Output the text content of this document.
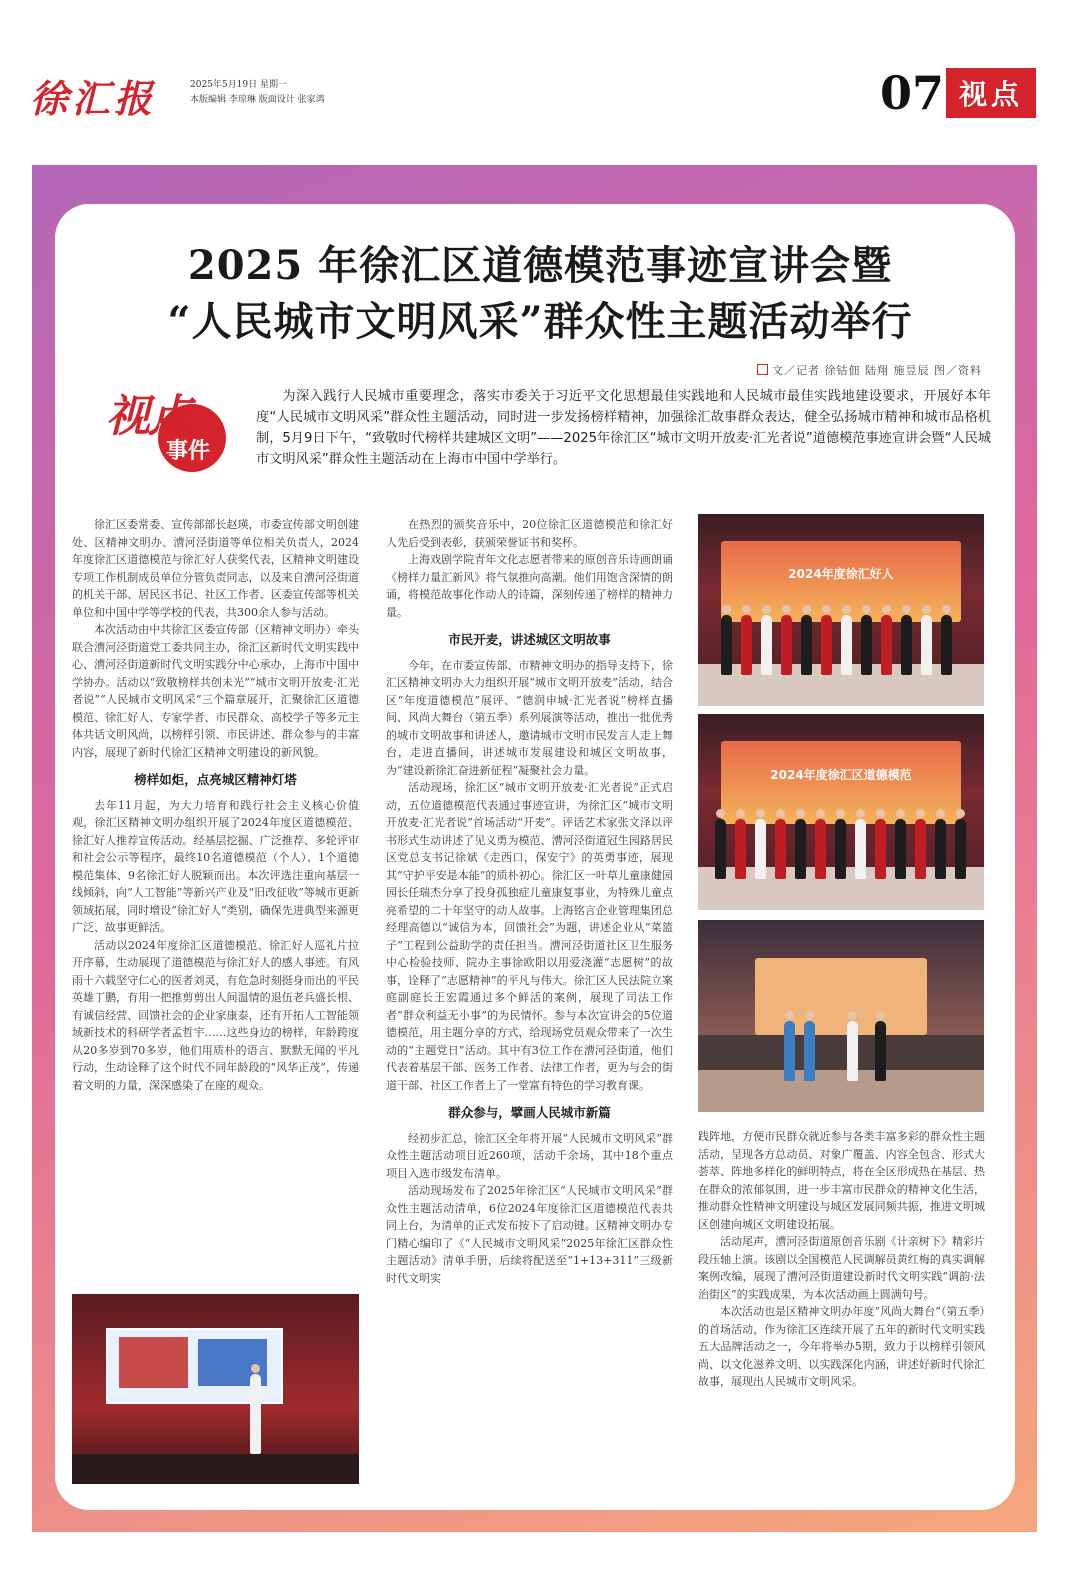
徐汇报	2025年5月19日 星期一
本版编辑 李琼琳 版面设计 张家鸿	07 视点
2025 年徐汇区道德模范事迹宣讲会暨
“人民城市文明风采”群众性主题活动举行
文／记者 徐钴佃 陆翔 施昱辰 图／资料
视点
事件
为深入践行人民城市重要理念，落实市委关于习近平文化思想最佳实践地和人民城市最佳实践地建设要求，开展好本年度“人民城市文明风采”群众性主题活动，同时进一步发扬榜样精神，加强徐汇故事群众表达，健全弘扬城市精神和城市品格机制，5月9日下午，“致敬时代榜样共建城区文明”——2025年徐汇区“城市文明开放麦·汇光者说”道德模范事迹宣讲会暨“人民城市文明风采”群众性主题活动在上海市中国中学举行。

徐汇区委常委、宣传部部长赵瑛，市委宣传部文明创建处、区精神文明办、漕河泾街道等单位相关负责人，2024年度徐汇区道德模范与徐汇好人获奖代表，区精神文明建设专项工作机制成员单位分管负责同志，以及来自漕河泾街道的机关干部、居民区书记、社区工作者、区委宣传部等机关单位和中国中学等学校的代表，共300余人参与活动。

本次活动由中共徐汇区委宣传部（区精神文明办）牵头联合漕河泾街道党工委共同主办，徐汇区新时代文明实践中心、漕河泾街道新时代文明实践分中心承办，上海市中国中学协办。活动以“致敬榜样共创未光”“城市文明开放麦·汇光者说”“人民城市文明风采”三个篇章展开，汇聚徐汇区道德模范、徐汇好人、专家学者、市民群众、高校学子等多元主体共话文明风尚，以榜样引领、市民讲述、群众参与的丰富内容，展现了新时代徐汇区精神文明建设的新风貌。

榜样如炬，点亮城区精神灯塔

去年11月起，为大力培育和践行社会主义核心价值观，徐汇区精神文明办组织开展了2024年度区道德模范、徐汇好人推荐宣传活动。经基层挖掘、广泛推荐、多轮评审和社会公示等程序，最终10名道德模范（个人）、1个道德模范集体、9名徐汇好人脱颖而出。本次评选注重向基层一线倾斜，向“人工智能”等新兴产业及“旧改征收”等城市更新领域拓展，同时增设“徐汇好人”类别，确保先进典型来源更广泛、故事更鲜活。

活动以2024年度徐汇区道德模范、徐汇好人巡礼片拉开序幕，生动展现了道德模范与徐汇好人的感人事迹。有风雨十六载坚守仁心的医者刘灵，有危急时刻挺身而出的平民英雄丁鹏，有用一把推剪剪出人间温情的退伍老兵盛长根、有诚信经营、回馈社会的企业家康泰，还有开拓人工智能领域新技术的科研学者孟哲宇……这些身边的榜样，年龄跨度从20多岁到70多岁，他们用质朴的语言、默默无闻的平凡行动，生动诠释了这个时代不同年龄段的“风华正茂”，传递着文明的力量，深深感染了在座的观众。

在热烈的颁奖音乐中，20位徐汇区道德模范和徐汇好人先后受到表彰，获颁荣誉证书和奖杯。

上海戏剧学院青年文化志愿者带来的原创音乐诗画朗诵《榜样力量汇新风》将气氛推向高潮。他们用饱含深情的朗诵，将模范故事化作动人的诗篇，深刻传递了榜样的精神力量。

市民开麦，讲述城区文明故事

今年，在市委宣传部、市精神文明办的指导支持下，徐汇区精神文明办大力组织开展“城市文明开放麦”活动，结合区“年度道德模范”展评、“德润申城·汇光者说”榜样直播间、风尚大舞台（第五季）系列展演等活动，推出一批优秀的城市文明故事和讲述人，邀请城市文明市民发言人走上舞台，走进直播间，讲述城市发展建设和城区文明故事，为“建设新徐汇奋进新征程”凝聚社会力量。

活动现场，徐汇区“城市文明开放麦·汇光者说”正式启动，五位道德模范代表通过事迹宣讲，为徐汇区“城市文明开放麦·汇光者说”首场活动“开麦”。评话艺术家张文泽以评书形式生动讲述了见义勇为模范、漕河泾街道冠生园路居民区党总支书记徐斌《走西口，保安宁》的英勇事迹，展现其“守护平安是本能”的质朴初心。徐汇区一叶草儿童康健园园长任瑞杰分享了投身孤独症儿童康复事业，为特殊儿童点亮希望的二十年坚守的动人故事。上海铭言企业管理集团总经理高德以“诚信为本，回馈社会”为题，讲述企业从“菜篮子”工程到公益助学的责任担当。漕河泾街道社区卫生服务中心检验技师、院办主事徐欧阳以用爱浇灌“志愿树”的故事，诠释了“志愿精神”的平凡与伟大。徐汇区人民法院立案庭副庭长王宏霞通过多个鲜活的案例，展现了司法工作者“群众利益无小事”的为民情怀。参与本次宣讲会的5位道德模范，用主题分享的方式，给现场党员观众带来了一次生动的“主题党日”活动。其中有3位工作在漕河泾街道，他们代表着基层干部、医务工作者、法律工作者，更为与会的街道干部、社区工作者上了一堂富有特色的学习教育课。

群众参与，擘画人民城市新篇

经初步汇总，徐汇区全年将开展“人民城市文明风采”群众性主题活动项目近260项，活动千余场，其中18个重点项目入选市级发布清单。

活动现场发布了2025年徐汇区“人民城市文明风采”群众性主题活动清单，6位2024年度徐汇区道德模范代表共同上台，为清单的正式发布按下了启动键。区精神文明办专门精心编印了《“人民城市文明风采”2025年徐汇区群众性主题活动》清单手册，后续将配送至“1+13+311”三级新时代文明实

践阵地，方便市民群众就近参与各类丰富多彩的群众性主题活动，呈现各方总动员、对象广覆盖、内容全包含、形式大荟萃、阵地多样化的鲜明特点，将在全区形成热在基层、热在群众的浓郁氛围，进一步丰富市民群众的精神文化生活，推动群众性精神文明建设与城区发展同频共振，推进文明城区创建向城区文明建设拓展。

活动尾声，漕河泾街道原创音乐剧《计亲树下》精彩片段压轴上演。该剧以全国模范人民调解员黄红梅的真实调解案例改编，展现了漕河泾街道建设新时代文明实践“调韵·法治街区”的实践成果，为本次活动画上圆满句号。

本次活动也是区精神文明办年度“风尚大舞台”（第五季）的首场活动，作为徐汇区连续开展了五年的新时代文明实践五大品牌活动之一，今年将举办5期，致力于以榜样引领风尚、以文化滋养文明、以实践深化内涵，讲述好新时代徐汇故事，展现出人民城市文明风采。

2024年度徐汇好人
2024年度徐汇区道德模范
